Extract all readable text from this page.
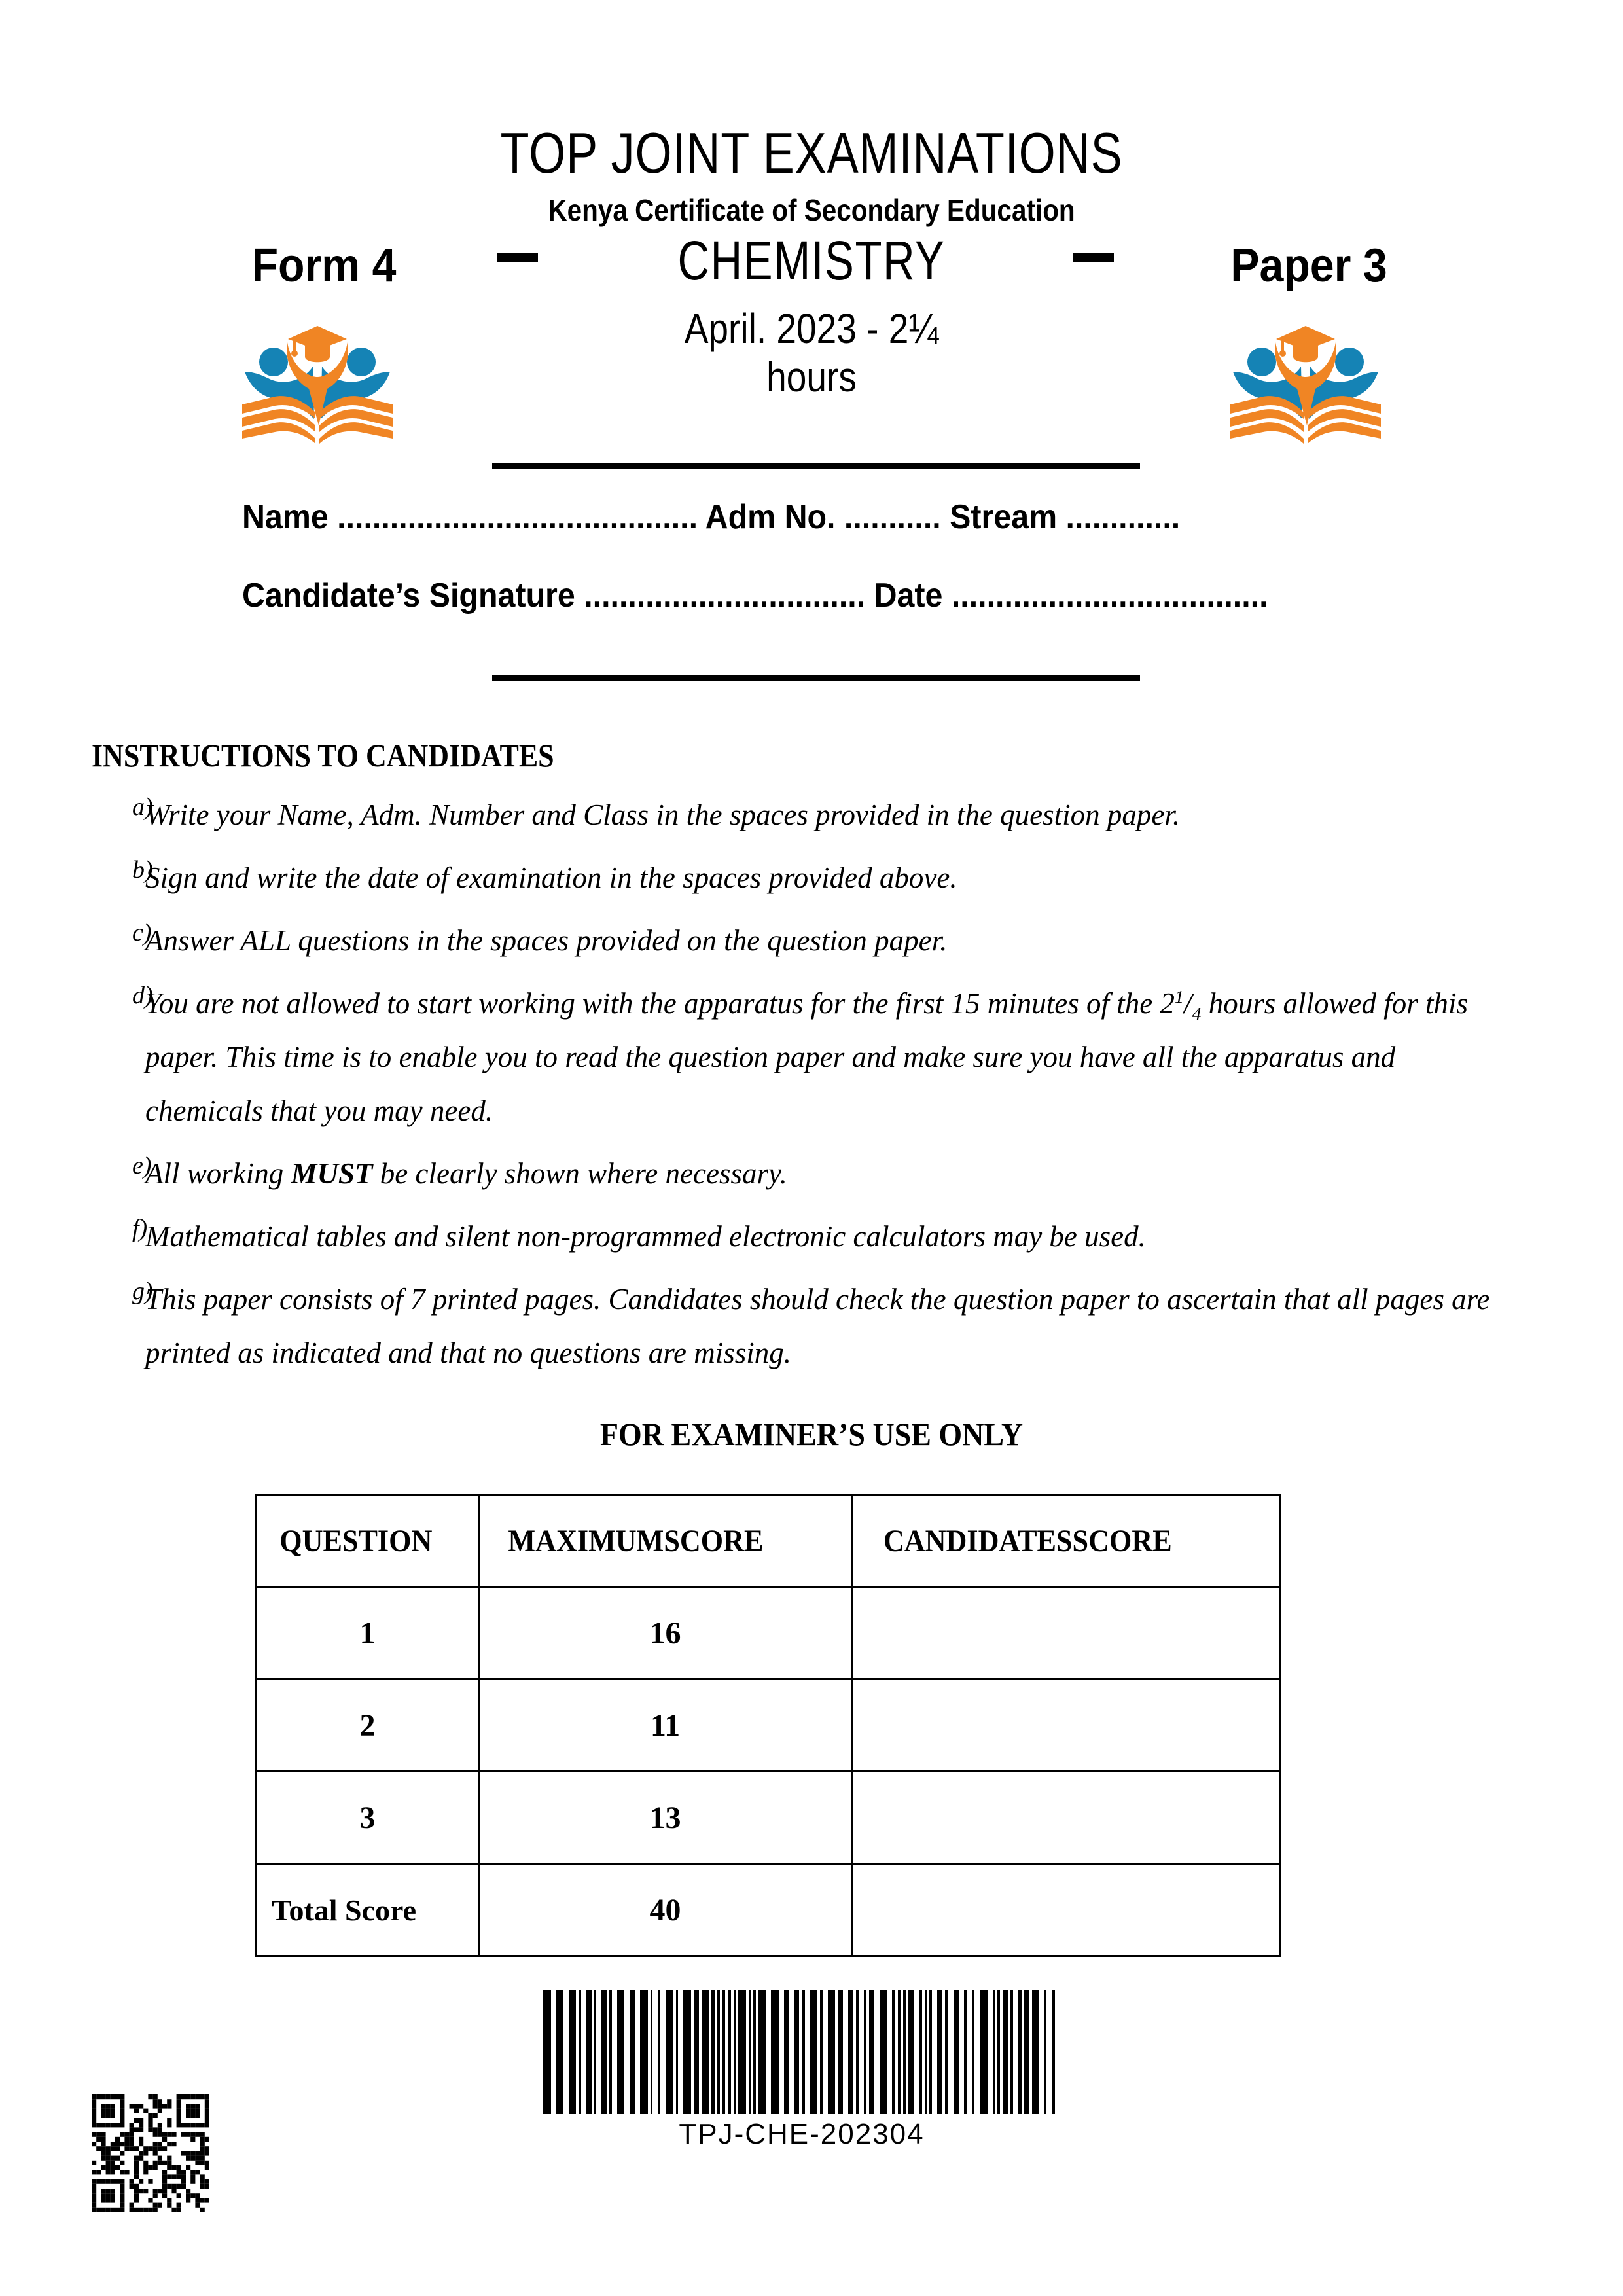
TOP JOINT EXAMINATIONS
Kenya Certificate of Secondary Education
Form 4	CHEMISTRY
April. 2023 - 2¼ hours
Paper 3
Name ......................................... Adm No. ........... Stream .............
Candidate’s Signature ................................ Date ....................................
INSTRUCTIONS TO CANDIDATES
a)
Write your Name, Adm. Number and Class in the spaces provided in the question paper.
b)
Sign and write the date of examination in the spaces provided above.
c)
Answer ALL questions in the spaces provided on the question paper.
d)
You are not allowed to start working with the apparatus for the first 15 minutes of the $2^1/_4$ hours allowed for this paper. This time is to enable you to read the question paper and make sure you have all the apparatus and chemicals that you may need.
e)
All working MUST be clearly shown where necessary.
f)
Mathematical tables and silent non-programmed electronic calculators may be used.
g)
This paper consists of 7 printed pages. Candidates should check the question paper to ascertain that all pages are printed as indicated and that no questions are missing.
FOR EXAMINER’S USE ONLY
QUESTION	MAXIMUMSCORE	CANDIDATESSCORE
1	16	
2	11	
3	13	
Total Score	40	
TPJ-CHE-202304
